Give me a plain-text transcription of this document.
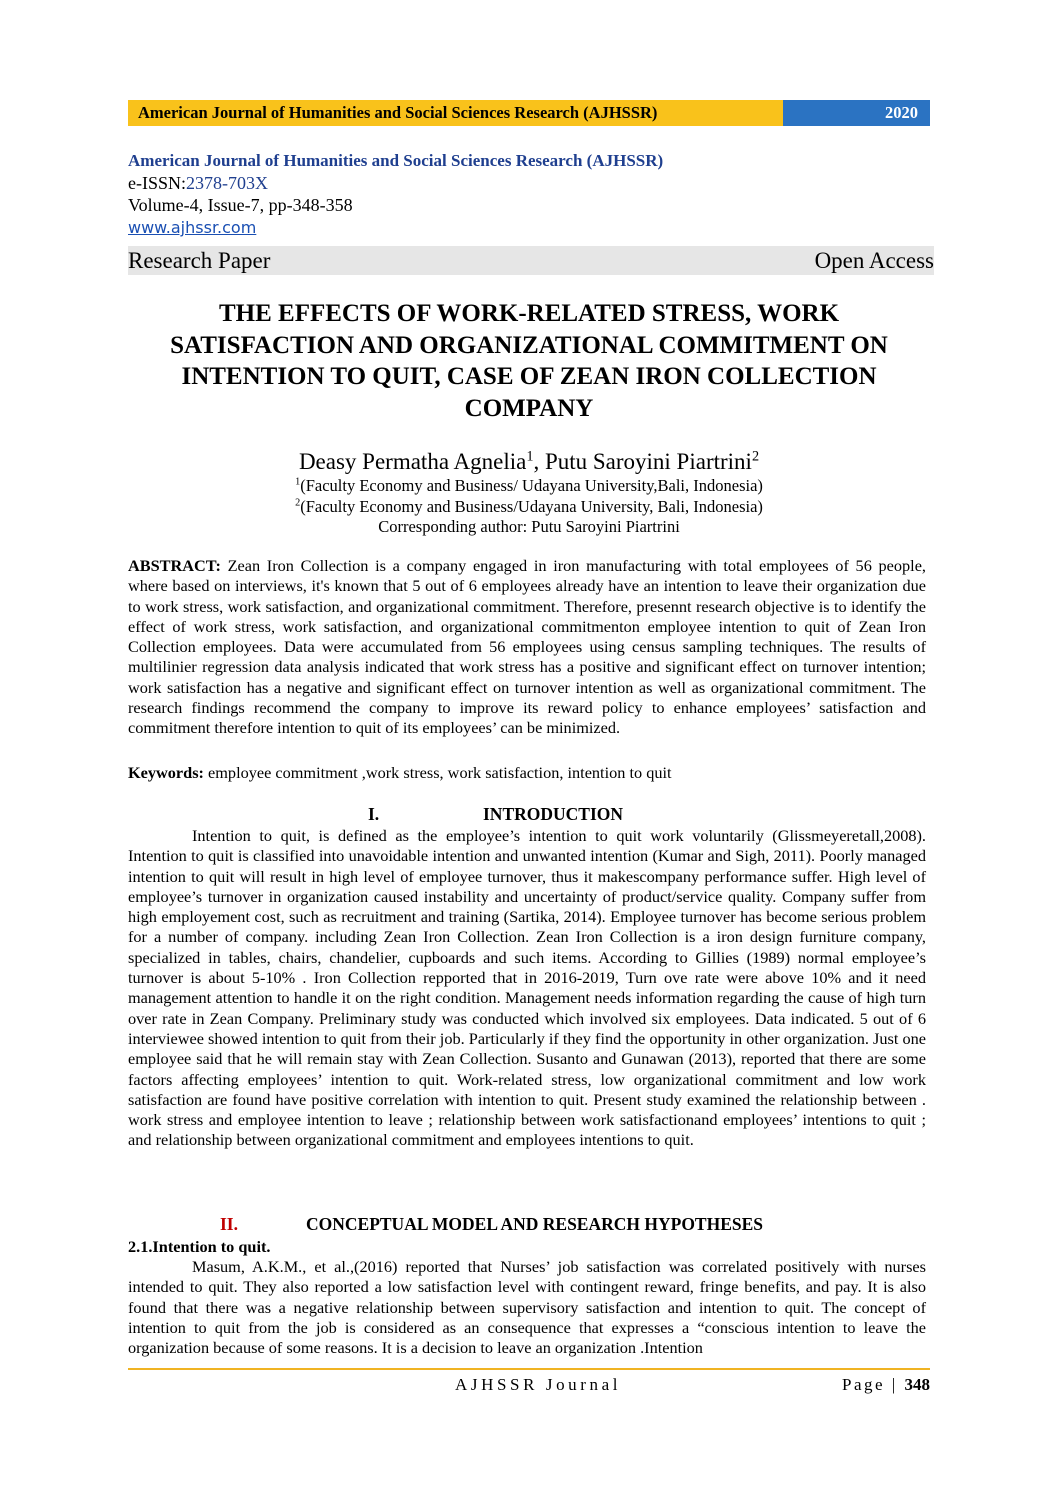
American Journal of Humanities and Social Sciences Research (AJHSSR)	2020
American Journal of Humanities and Social Sciences Research (AJHSSR)
e-ISSN:2378-703X
Volume-4, Issue-7, pp-348-358
www.ajhssr.com
Research Paper	Open Access
THE EFFECTS OF WORK-RELATED STRESS, WORK SATISFACTION AND ORGANIZATIONAL COMMITMENT ON INTENTION TO QUIT, CASE OF ZEAN IRON COLLECTION COMPANY
Deasy Permatha Agnelia$^1$, Putu Saroyini Piartrini$^2$
$^1$(Faculty Economy and Business/ Udayana University,Bali, Indonesia)
$^2$(Faculty Economy and Business/Udayana University, Bali, Indonesia)
Corresponding author: Putu Saroyini Piartrini

ABSTRACT: Zean Iron Collection is a company engaged in iron manufacturing with total employees of 56 people, where based on interviews, it's known that 5 out of 6 employees already have an intention to leave their organization due to work stress, work satisfaction, and organizational commitment. Therefore, presennt research objective is to identify the effect of work stress, work satisfaction, and organizational commitmenton employee intention to quit of Zean Iron Collection employees. Data were accumulated from 56 employees using census sampling techniques. The results of multilinier regression data analysis indicated that work stress has a positive and significant effect on turnover intention; work satisfaction has a negative and significant effect on turnover intention as well as organizational commitment. The research findings recommend the company to improve its reward policy to enhance employees’ satisfaction and commitment therefore intention to quit of its employees’ can be minimized.

Keywords: employee commitment ,work stress, work satisfaction, intention to quit
I.	INTRODUCTION

Intention to quit, is defined as the employee’s intention to quit work voluntarily (Glissmeyeretall,2008). Intention to quit is classified into unavoidable intention and unwanted intention (Kumar and Sigh, 2011). Poorly managed intention to quit will result in high level of employee turnover, thus it makescompany performance suffer. High level of employee’s turnover in organization caused instability and uncertainty of product/service quality. Company suffer from high employement cost, such as recruitment and training (Sartika, 2014). Employee turnover has become serious problem for a number of company. including Zean Iron Collection. Zean Iron Collection is a iron design furniture company, specialized in tables, chairs, chandelier, cupboards and such items. According to Gillies (1989) normal employee’s turnover is about 5-10% . Iron Collection repported that in 2016-2019, Turn ove rate were above 10% and it need management attention to handle it on the right condition. Management needs information regarding the cause of high turn over rate in Zean Company. Preliminary study was conducted which involved six employees. Data indicated. 5 out of 6 interviewee showed intention to quit from their job. Particularly if they find the opportunity in other organization. Just one employee said that he will remain stay with Zean Collection. Susanto and Gunawan (2013), reported that there are some factors affecting employees’ intention to quit. Work-related stress, low organizational commitment and low work satisfaction are found have positive correlation with intention to quit. Present study examined the relationship between . work stress and employee intention to leave ; relationship between work satisfactionand employees’ intentions to quit ; and relationship between organizational commitment and employees intentions to quit.

II.	CONCEPTUAL MODEL AND RESEARCH HYPOTHESES
2.1.Intention to quit.

Masum, A.K.M., et al.,(2016) reported that Nurses’ job satisfaction was correlated positively with nurses intended to quit. They also reported a low satisfaction level with contingent reward, fringe benefits, and pay. It is also found that there was a negative relationship between supervisory satisfaction and intention to quit. The concept of intention to quit from the job is considered as an consequence that expresses a “conscious intention to leave the organization because of some reasons. It is a decision to leave an organization .Intention

AJHSSR Journal	Page | 348
